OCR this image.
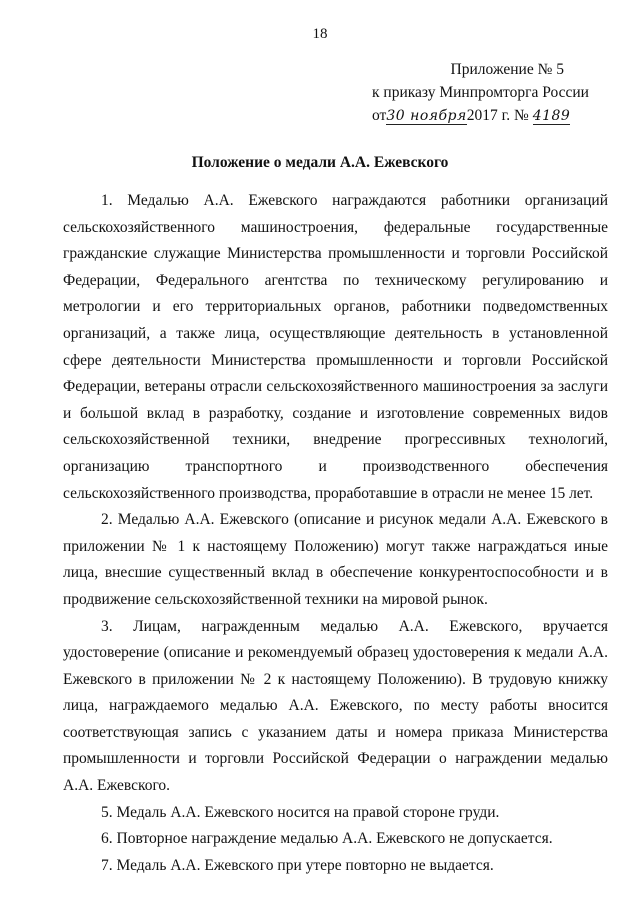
18
Приложение № 5
к приказу Минпромторга России
от30 ноября2017 г. № 4189
Положение о медали А.А. Ежевского

1. Медалью А.А. Ежевского награждаются работники организаций сельскохозяйственного машиностроения, федеральные государственные гражданские служащие Министерства промышленности и торговли Российской Федерации, Федерального агентства по техническому регулированию и метрологии и его территориальных органов, работники подведомственных организаций, а также лица, осуществляющие деятельность в установленной сфере деятельности Министерства промышленности и торговли Российской Федерации, ветераны отрасли сельскохозяйственного машиностроения за заслуги и большой вклад в разработку, создание и изготовление современных видов сельскохозяйственной техники, внедрение прогрессивных технологий, организацию транспортного и производственного обеспечения сельскохозяйственного производства, проработавшие в отрасли не менее 15 лет.

2. Медалью А.А. Ежевского (описание и рисунок медали А.А. Ежевского в приложении № 1 к настоящему Положению) могут также награждаться иные лица, внесшие существенный вклад в обеспечение конкурентоспособности и в продвижение сельскохозяйственной техники на мировой рынок.

3. Лицам, награжденным медалью А.А. Ежевского, вручается удостоверение (описание и рекомендуемый образец удостоверения к медали А.А. Ежевского в приложении № 2 к настоящему Положению). В трудовую книжку лица, награждаемого медалью А.А. Ежевского, по месту работы вносится соответствующая запись с указанием даты и номера приказа Министерства промышленности и торговли Российской Федерации о награждении медалью А.А. Ежевского.

5. Медаль А.А. Ежевского носится на правой стороне груди.

6. Повторное награждение медалью А.А. Ежевского не допускается.

7. Медаль А.А. Ежевского при утере повторно не выдается.
